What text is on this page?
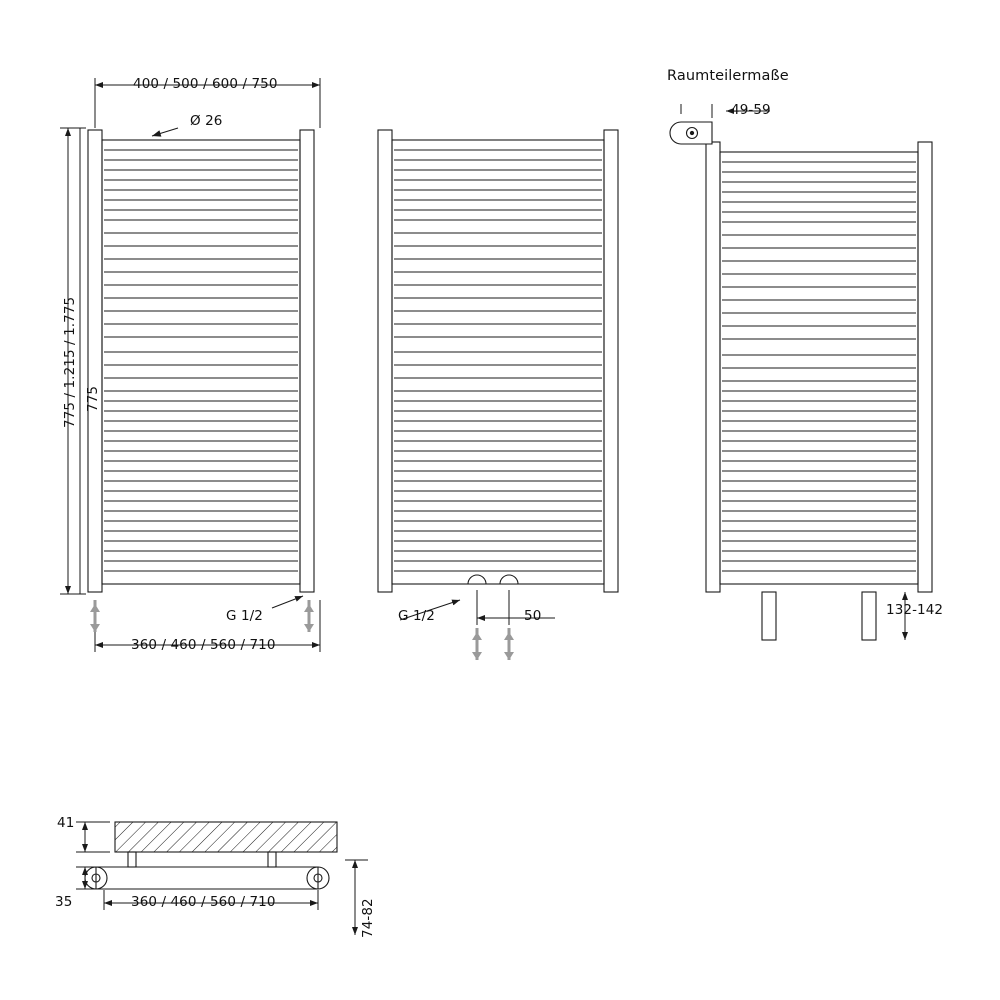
400 / 500 / 600 / 750
Ø 26
775 / 1.215 / 1.775 775
G 1/2
360 / 460 / 560 / 710
G 1/2	50
Raumteilermaße
49-59
132-142
41
35	360 / 460 / 560 / 710	74-82
